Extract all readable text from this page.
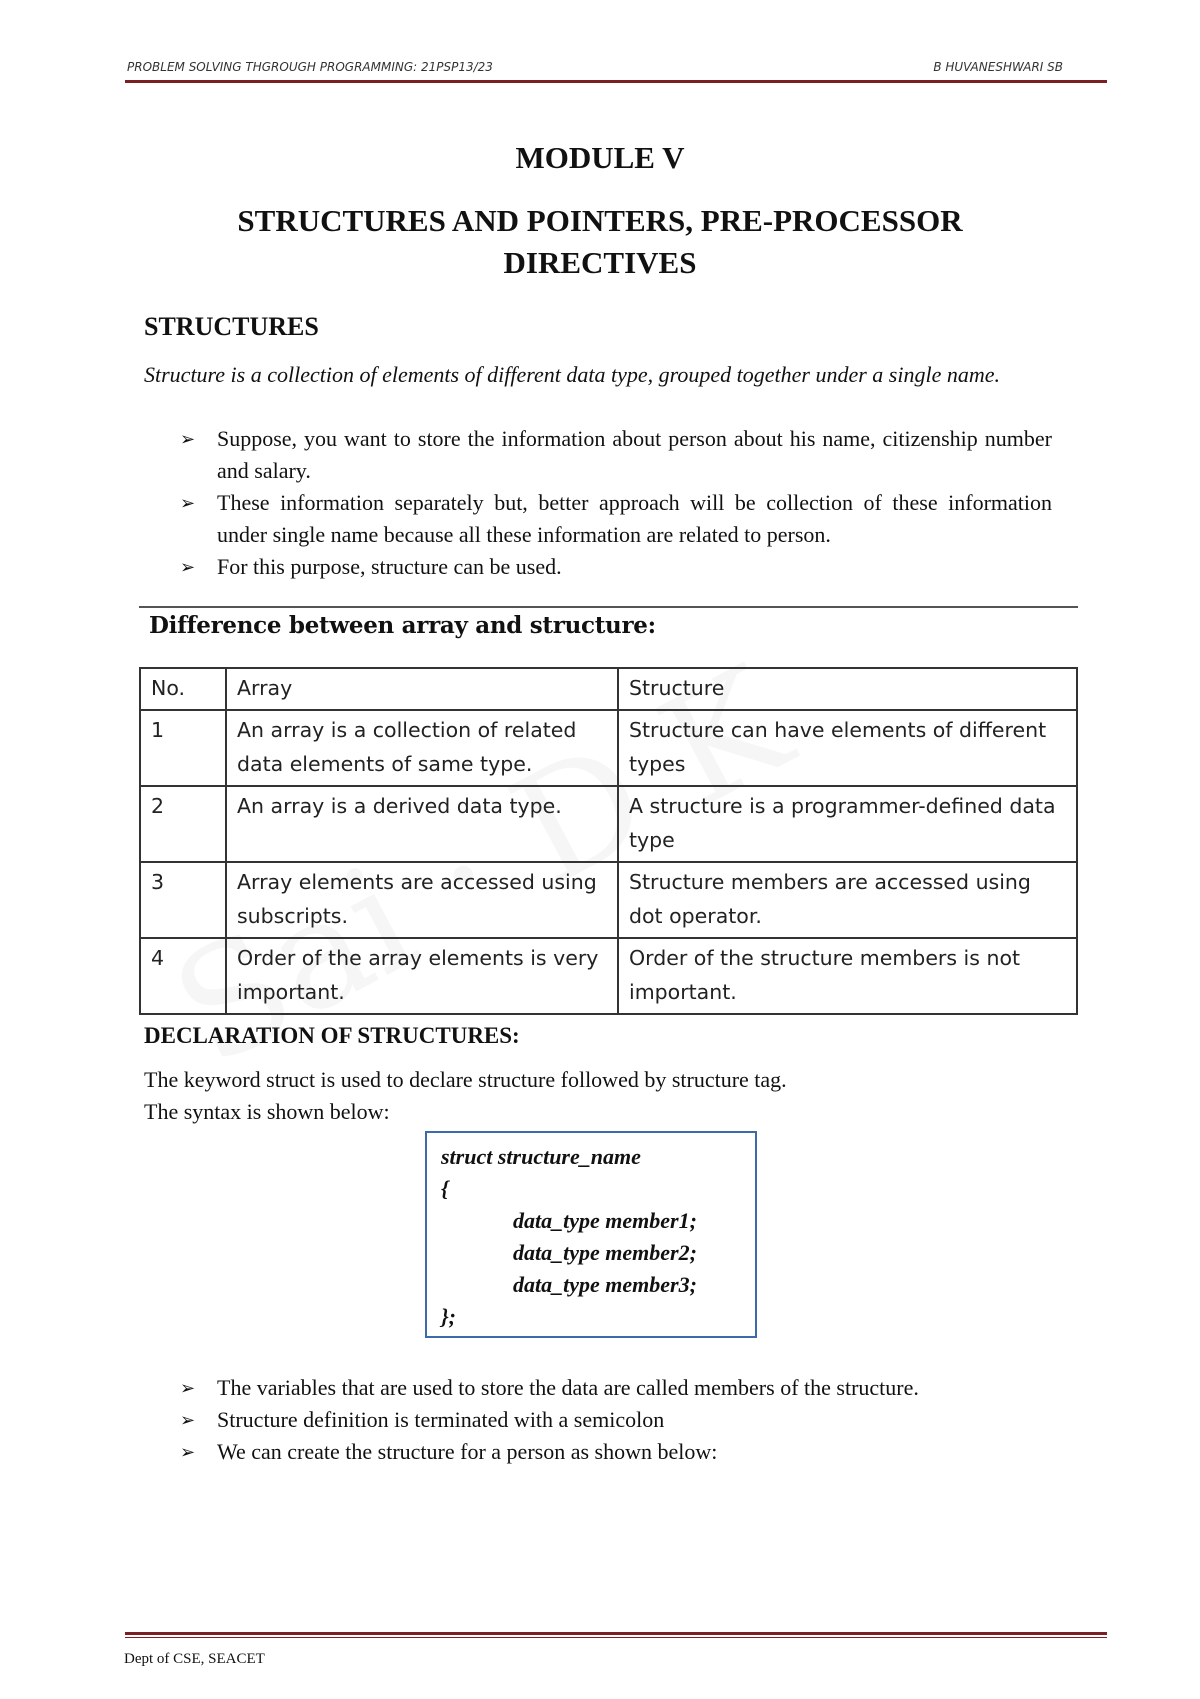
PROBLEM SOLVING THGROUGH PROGRAMMING: 21PSP13/23	B HUVANESHWARI SB
MODULE V
STRUCTURES AND POINTERS, PRE-PROCESSOR
DIRECTIVES
STRUCTURES
Structure is a collection of elements of different data type, grouped together under a single name.
➢ Suppose, you want to store the information about person about his name, citizenship number and salary.
➢ These information separately but, better approach will be collection of these information under single name because all these information are related to person.
➢ For this purpose, structure can be used.
Difference between array and structure:
No.	Array	Structure
1	An array is a collection of related data elements of same type.	Structure can have elements of different types
2	An array is a derived data type.	A structure is a programmer-defined data type
3	Array elements are accessed using subscripts.	Structure members are accessed using dot operator.
4	Order of the array elements is very important.	Order of the structure members is not important.
DECLARATION OF STRUCTURES:
The keyword struct is used to declare structure followed by structure tag.
The syntax is shown below:
struct structure_name
{
data_type member1;
data_type member2;
data_type member3;
};
➢ The variables that are used to store the data are called members of the structure.
➢ Structure definition is terminated with a semicolon
➢ We can create the structure for a person as shown below:
Dept of CSE, SEACET
